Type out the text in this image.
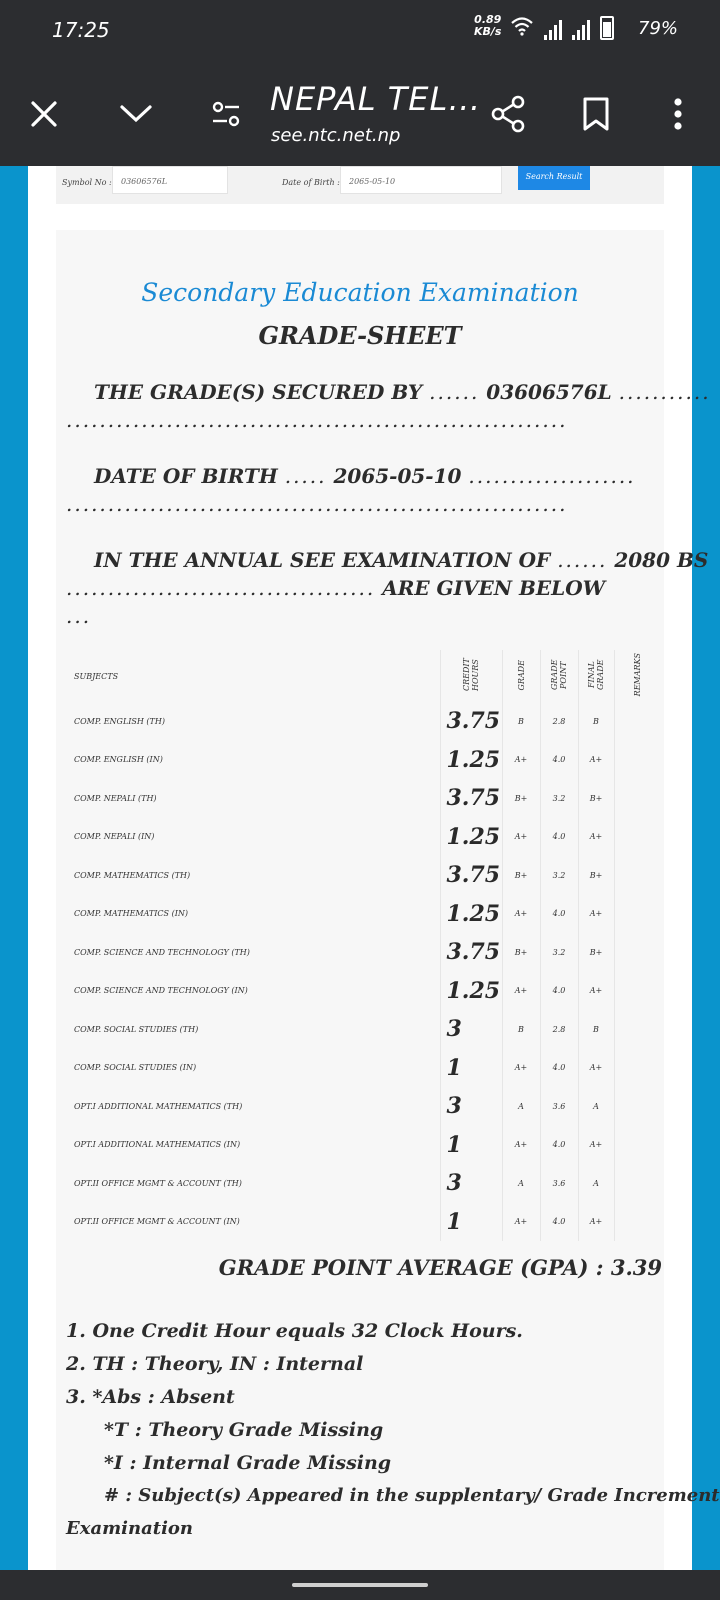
17:25	0.89
KB/s	79%
NEPAL TEL…
see.ntc.net.np
Symbol No :	03606576L	Date of Birth :	2065-05-10
Search Result
Secondary Education Examination
GRADE-SHEET
THE GRADE(S) SECURED BY ...... 03606576L ...........
............................................................
DATE OF BIRTH ..... 2065-05-10 ....................
............................................................
IN THE ANNUAL SEE EXAMINATION OF ...... 2080 BS
..................................... ARE GIVEN BELOW
...
SUBJECTS	CREDIT HOURS	GRADE	GRADE POINT	FINAL GRADE	REMARKS
COMP. ENGLISH (TH)	3.75	B	2.8	B	
COMP. ENGLISH (IN)	1.25	A+	4.0	A+	
COMP. NEPALI (TH)	3.75	B+	3.2	B+	
COMP. NEPALI (IN)	1.25	A+	4.0	A+	
COMP. MATHEMATICS (TH)	3.75	B+	3.2	B+	
COMP. MATHEMATICS (IN)	1.25	A+	4.0	A+	
COMP. SCIENCE AND TECHNOLOGY (TH)	3.75	B+	3.2	B+	
COMP. SCIENCE AND TECHNOLOGY (IN)	1.25	A+	4.0	A+	
COMP. SOCIAL STUDIES (TH)	3	B	2.8	B	
COMP. SOCIAL STUDIES (IN)	1	A+	4.0	A+	
OPT.I ADDITIONAL MATHEMATICS (TH)	3	A	3.6	A	
OPT.I ADDITIONAL MATHEMATICS (IN)	1	A+	4.0	A+	
OPT.II OFFICE MGMT & ACCOUNT (TH)	3	A	3.6	A	
OPT.II OFFICE MGMT & ACCOUNT (IN)	1	A+	4.0	A+	
GRADE POINT AVERAGE (GPA) : 3.39
1. One Credit Hour equals 32 Clock Hours.
2. TH : Theory, IN : Internal
3. *Abs : Absent
*T : Theory Grade Missing
*I : Internal Grade Missing
# : Subject(s) Appeared in the supplentary/ Grade Increment
Examination
